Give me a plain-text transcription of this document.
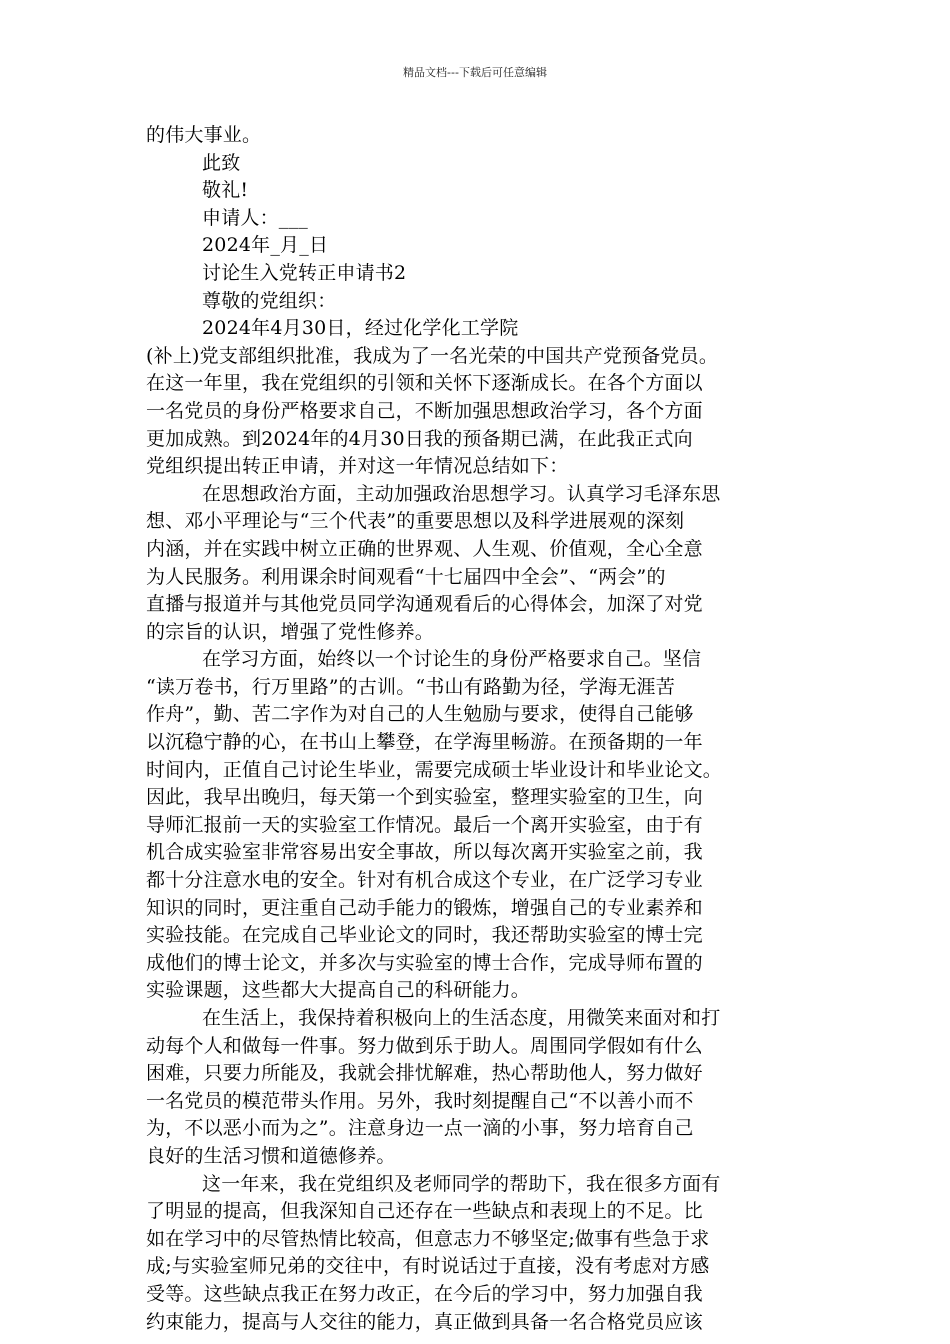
精品文档---下载后可任意编辑
的伟大事业。
此致
敬礼!
申请人：___
2024年_月_日
讨论生入党转正申请书2
尊敬的党组织：
2024年4月30日，经过化学化工学院
(补上)党支部组织批准，我成为了一名光荣的中国共产党预备党员。
在这一年里，我在党组织的引领和关怀下逐渐成长。在各个方面以
一名党员的身份严格要求自己，不断加强思想政治学习，各个方面
更加成熟。到2024年的4月30日我的预备期已满，在此我正式向
党组织提出转正申请，并对这一年情况总结如下：
在思想政治方面，主动加强政治思想学习。认真学习毛泽东思
想、邓小平理论与“三个代表”的重要思想以及科学进展观的深刻
内涵，并在实践中树立正确的世界观、人生观、价值观，全心全意
为人民服务。利用课余时间观看“十七届四中全会”、“两会”的
直播与报道并与其他党员同学沟通观看后的心得体会，加深了对党
的宗旨的认识，增强了党性修养。
在学习方面，始终以一个讨论生的身份严格要求自己。坚信
“读万卷书，行万里路”的古训。“书山有路勤为径，学海无涯苦
作舟”，勤、苦二字作为对自己的人生勉励与要求，使得自己能够
以沉稳宁静的心，在书山上攀登，在学海里畅游。在预备期的一年
时间内，正值自己讨论生毕业，需要完成硕士毕业设计和毕业论文。
因此，我早出晚归，每天第一个到实验室，整理实验室的卫生，向
导师汇报前一天的实验室工作情况。最后一个离开实验室，由于有
机合成实验室非常容易出安全事故，所以每次离开实验室之前，我
都十分注意水电的安全。针对有机合成这个专业，在广泛学习专业
知识的同时，更注重自己动手能力的锻炼，增强自己的专业素养和
实验技能。在完成自己毕业论文的同时，我还帮助实验室的博士完
成他们的博士论文，并多次与实验室的博士合作，完成导师布置的
实验课题，这些都大大提高自己的科研能力。
在生活上，我保持着积极向上的生活态度，用微笑来面对和打
动每个人和做每一件事。努力做到乐于助人。周围同学假如有什么
困难，只要力所能及，我就会排忧解难，热心帮助他人，努力做好
一名党员的模范带头作用。另外，我时刻提醒自己“不以善小而不
为，不以恶小而为之”。注意身边一点一滴的小事，努力培育自己
良好的生活习惯和道德修养。
这一年来，我在党组织及老师同学的帮助下，我在很多方面有
了明显的提高，但我深知自己还存在一些缺点和表现上的不足。比
如在学习中的尽管热情比较高，但意志力不够坚定;做事有些急于求
成;与实验室师兄弟的交往中，有时说话过于直接，没有考虑对方感
受等。这些缺点我正在努力改正，在今后的学习中，努力加强自我
约束能力，提高与人交往的能力，真正做到具备一名合格党员应该
